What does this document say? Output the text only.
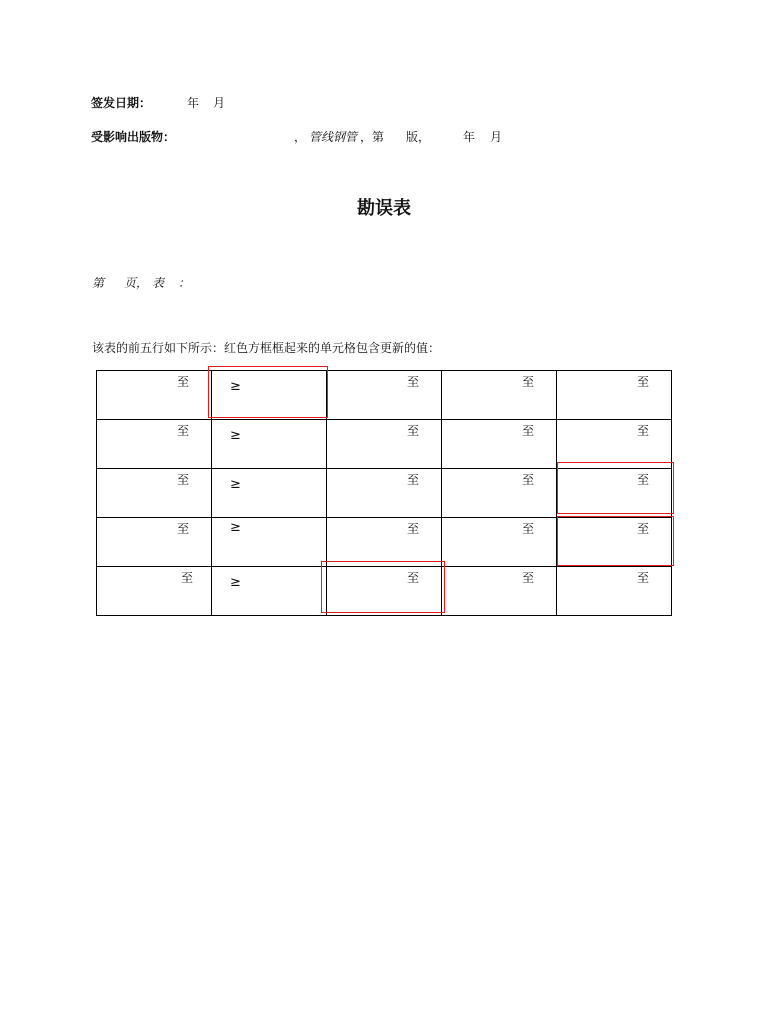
签发日期：	年 月
受影响出版物：	， 管线钢管 ，第 版，	年 月
勘误表
第 页， 表 ：
该表的前五行如下所示：红色方框框起来的单元格包含更新的值：
至	≥	至	至	至

至	≥	至	至	至

至	≥	至	至	至

至	≥	至	至	至

至	≥	至	至	至
